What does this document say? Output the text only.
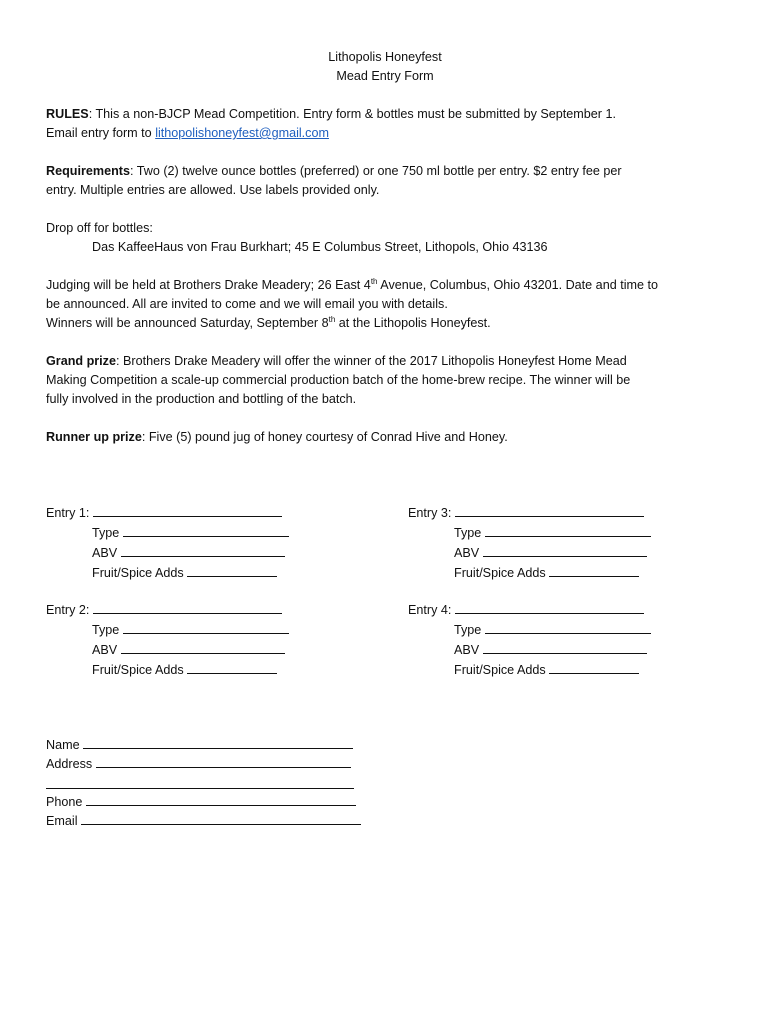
Lithopolis Honeyfest
Mead Entry Form
RULES: This a non-BJCP Mead Competition. Entry form & bottles must be submitted by September 1.
Email entry form to lithopolishoneyfest@gmail.com
Requirements: Two (2) twelve ounce bottles (preferred) or one 750 ml bottle per entry. $2 entry fee per
entry. Multiple entries are allowed. Use labels provided only.
Drop off for bottles:
Das KaffeeHaus von Frau Burkhart; 45 E Columbus Street, Lithopols, Ohio 43136
Judging will be held at Brothers Drake Meadery; 26 East 4th Avenue, Columbus, Ohio 43201. Date and time to
be announced. All are invited to come and we will email you with details.
Winners will be announced Saturday, September 8th at the Lithopolis Honeyfest.
Grand prize: Brothers Drake Meadery will offer the winner of the 2017 Lithopolis Honeyfest Home Mead
Making Competition a scale-up commercial production batch of the home-brew recipe. The winner will be
fully involved in the production and bottling of the batch.
Runner up prize: Five (5) pound jug of honey courtesy of Conrad Hive and Honey.
Entry 1:
Type
ABV
Fruit/Spice Adds
Entry 2:
Type
ABV
Fruit/Spice Adds
Entry 3:
Type
ABV
Fruit/Spice Adds
Entry 4:
Type
ABV
Fruit/Spice Adds
Name
Address
Phone
Email
